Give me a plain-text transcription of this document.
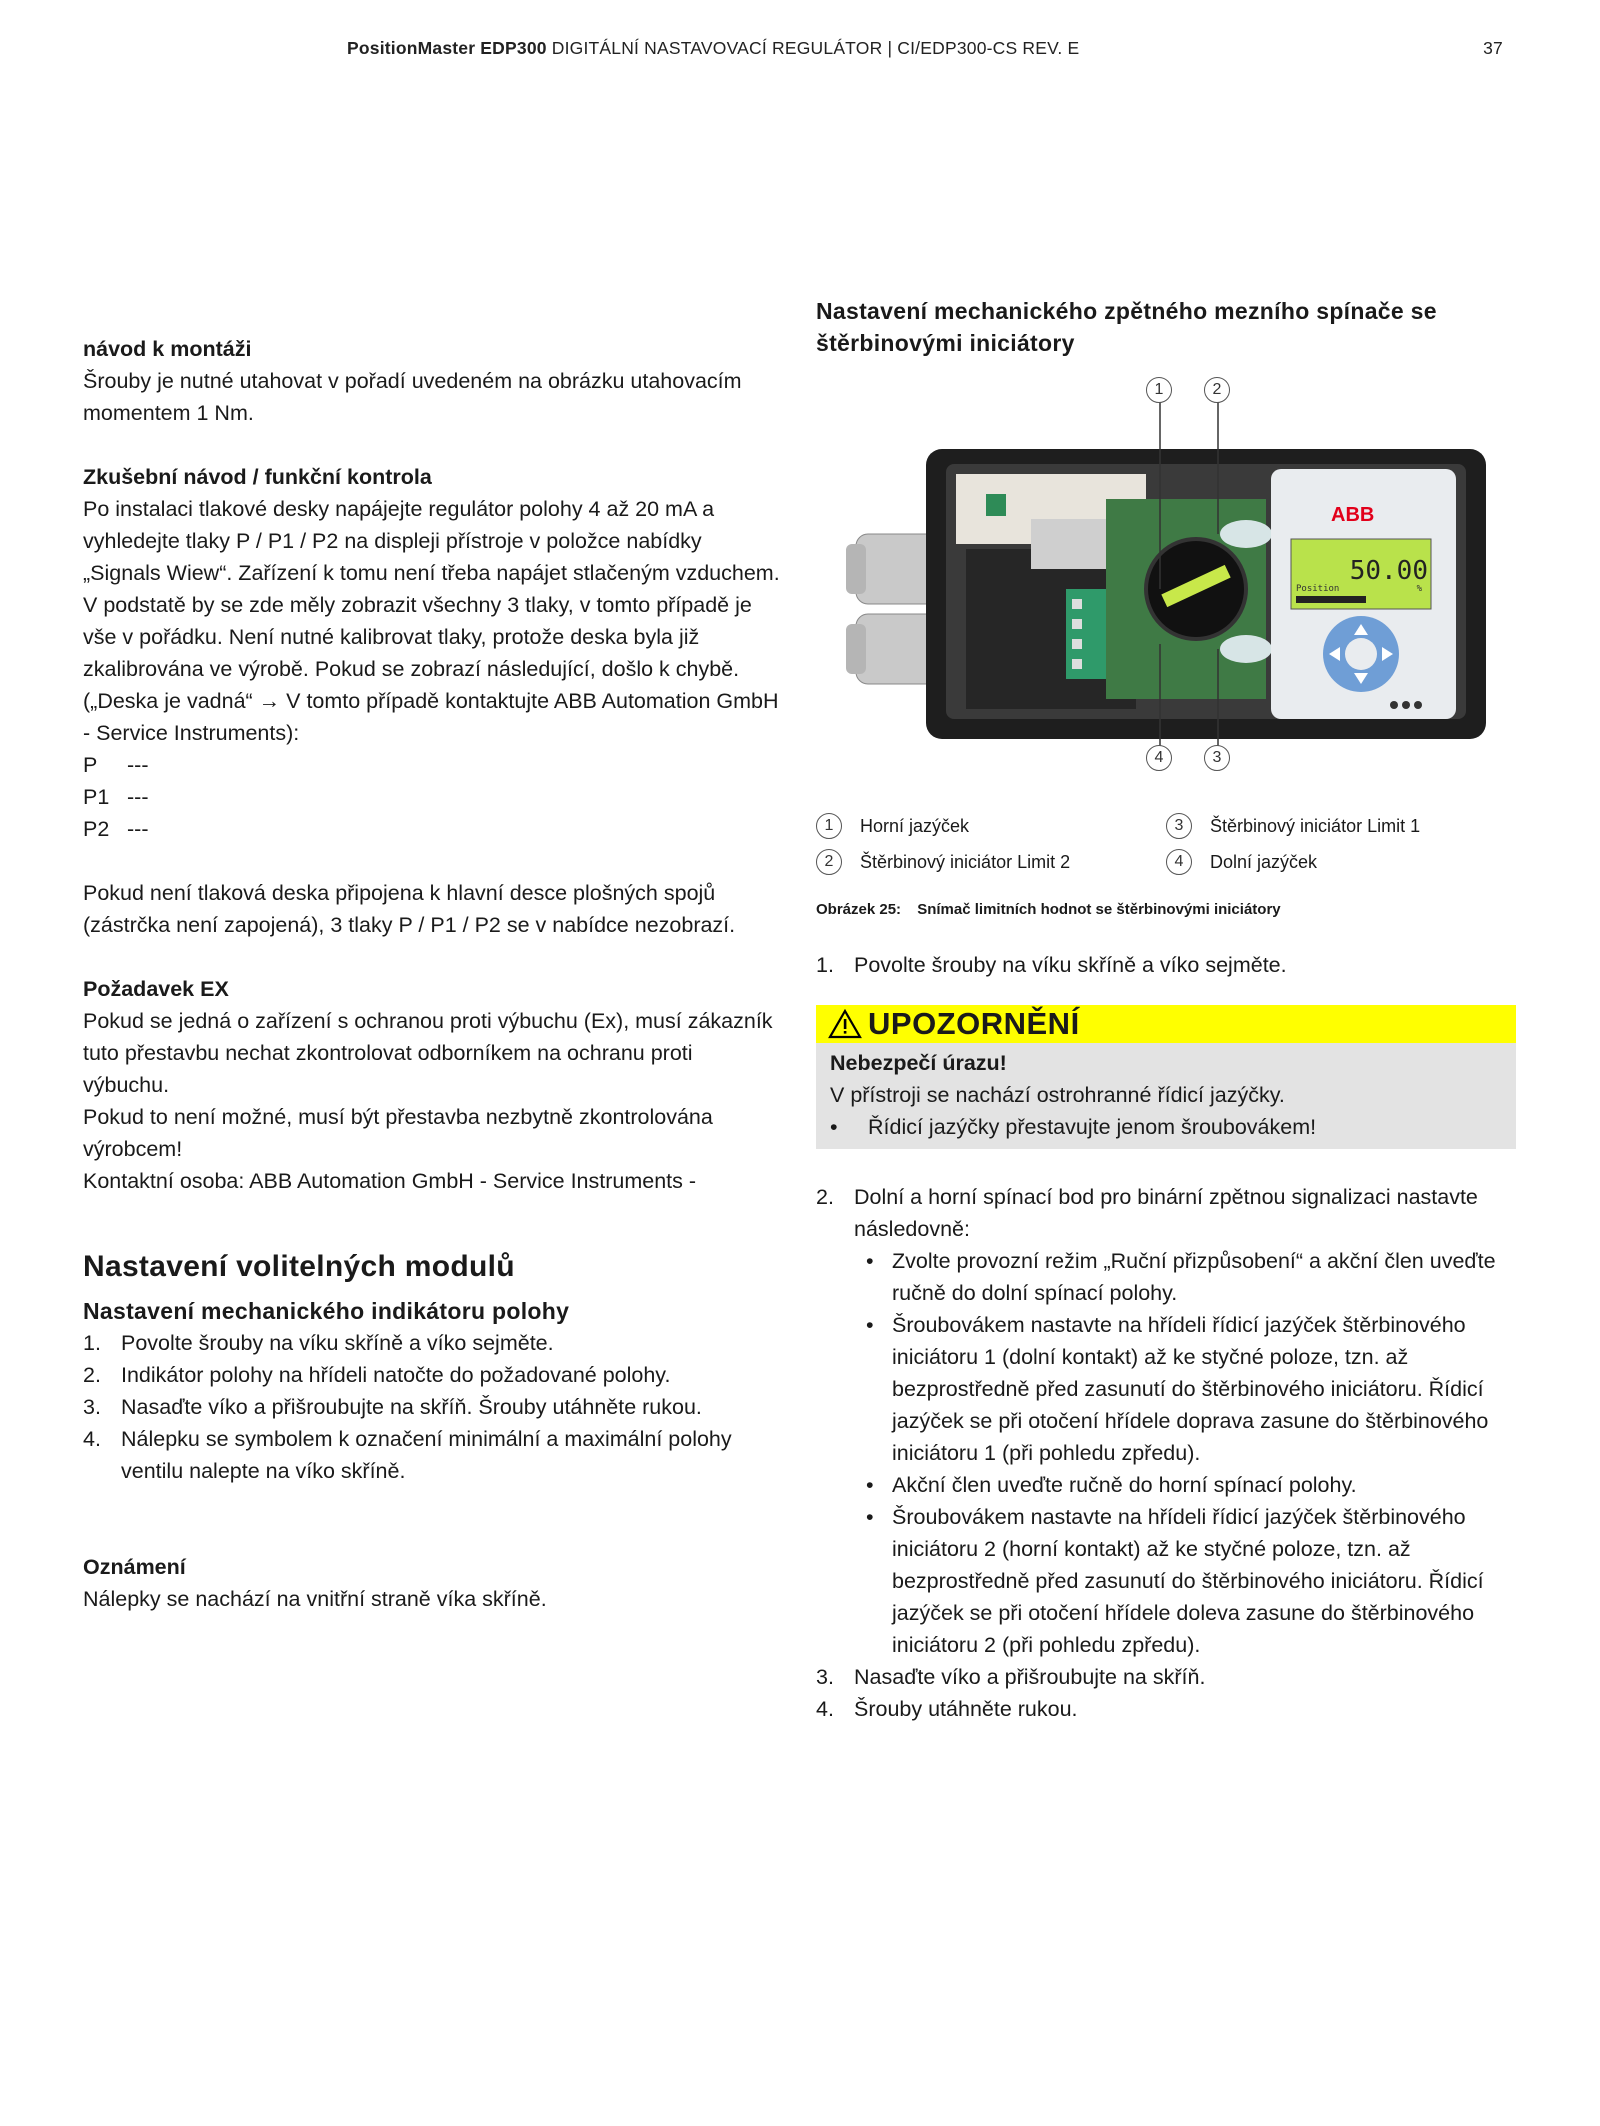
PositionMaster EDP300 DIGITÁLNÍ NASTAVOVACÍ REGULÁTOR | CI/EDP300-CS REV. E	37
návod k montáži

Šrouby je nutné utahovat v pořadí uvedeném na obrázku utahovacím momentem 1 Nm.

Zkušební návod / funkční kontrola

Po instalaci tlakové desky napájejte regulátor polohy 4 až 20 mA a vyhledejte tlaky P / P1 / P2 na displeji přístroje v položce nabídky „Signals Wiew“. Zařízení k tomu není třeba napájet stlačeným vzduchem. V podstatě by se zde měly zobrazit všechny 3 tlaky, v tomto případě je vše v pořádku. Není nutné kalibrovat tlaky, protože deska byla již zkalibrována ve výrobě. Pokud se zobrazí následující, došlo k chybě. („Deska je vadná“ → V tomto případě kontaktujte ABB Automation GmbH - Service Instruments):

P	---
P1 ---
P2 ---

Pokud není tlaková deska připojena k hlavní desce plošných spojů (zástrčka není zapojená), 3 tlaky P / P1 / P2 se v nabídce nezobrazí.

Požadavek EX

Pokud se jedná o zařízení s ochranou proti výbuchu (Ex), musí zákazník tuto přestavbu nechat zkontrolovat odborníkem na ochranu proti výbuchu.

Pokud to není možné, musí být přestavba nezbytně zkontrolována výrobcem!

Kontaktní osoba: ABB Automation GmbH - Service Instruments -

Nastavení volitelných modulů
Nastavení mechanického indikátoru polohy
1. Povolte šrouby na víku skříně a víko sejměte.
2. Indikátor polohy na hřídeli natočte do požadované polohy.
3. Nasaďte víko a přišroubujte na skříň. Šrouby utáhněte rukou.
4. Nálepku se symbolem k označení minimální a maximální polohy ventilu nalepte na víko skříně.
Oznámení

Nálepky se nachází na vnitřní straně víka skříně.

Nastavení mechanického zpětného mezního spínače se štěrbinovými iniciátory
ABB
50.00
Position	%
1	2
3
4
1	Horní jazýček	3	Štěrbinový iniciátor Limit 1
2	Štěrbinový iniciátor Limit 2	4	Dolní jazýček
Obrázek 25: Snímač limitních hodnot se štěrbinovými iniciátory
1. Povolte šrouby na víku skříně a víko sejměte.
UPOZORNĚNÍ
Nebezpečí úrazu!

V přístroji se nachází ostrohranné řídicí jazýčky.

•	Řídicí jazýčky přestavujte jenom šroubovákem!
2. Dolní a horní spínací bod pro binární zpětnou signalizaci nastavte následovně:
• Zvolte provozní režim „Ruční přizpůsobení“ a akční člen uveďte ručně do dolní spínací polohy.
• Šroubovákem nastavte na hřídeli řídicí jazýček štěrbinového iniciátoru 1 (dolní kontakt) až ke styčné poloze, tzn. až bezprostředně před zasunutí do štěrbinového iniciátoru. Řídicí jazýček se při otočení hřídele doprava zasune do štěrbinového iniciátoru 1 (při pohledu zpředu).
• Akční člen uveďte ručně do horní spínací polohy.
• Šroubovákem nastavte na hřídeli řídicí jazýček štěrbinového iniciátoru 2 (horní kontakt) až ke styčné poloze, tzn. až bezprostředně před zasunutí do štěrbinového iniciátoru. Řídicí jazýček se při otočení hřídele doleva zasune do štěrbinového iniciátoru 2 (při pohledu zpředu).
3. Nasaďte víko a přišroubujte na skříň.
4. Šrouby utáhněte rukou.
